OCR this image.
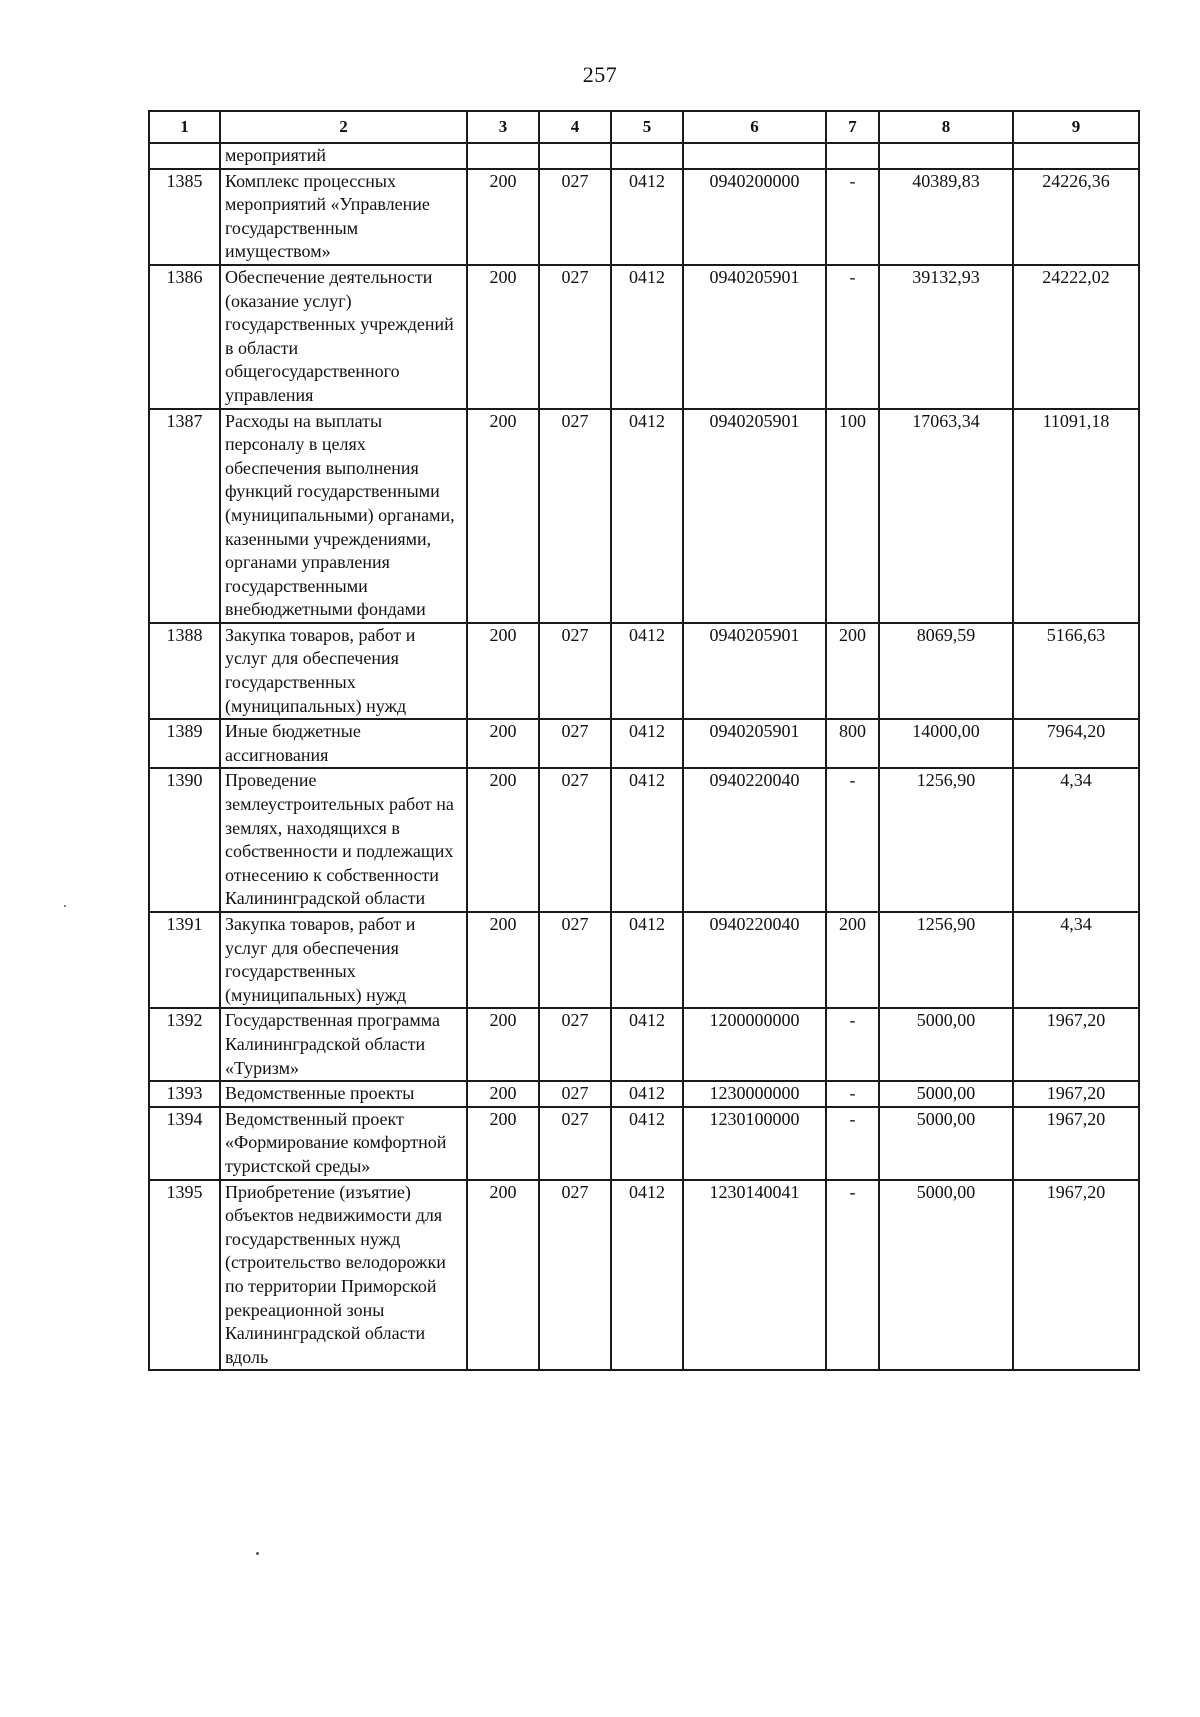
257
1	2	3	4	5	6	7	8	9
	мероприятий							
1385	Комплекс процессных мероприятий «Управление государственным имуществом»	200	027	0412	0940200000	-	40389,83	24226,36
1386	Обеспечение деятельности (оказание услуг) государственных учреждений в области общегосударственного управления	200	027	0412	0940205901	-	39132,93	24222,02
1387	Расходы на выплаты персоналу в целях обеспечения выполнения функций государственными (муниципальными) органами, казенными учреждениями, органами управления государственными внебюджетными фондами	200	027	0412	0940205901	100	17063,34	11091,18
1388	Закупка товаров, работ и услуг для обеспечения государственных (муниципальных) нужд	200	027	0412	0940205901	200	8069,59	5166,63
1389	Иные бюджетные ассигнования	200	027	0412	0940205901	800	14000,00	7964,20
1390	Проведение землеустроительных работ на землях, находящихся в собственности и подлежащих отнесению к собственности Калининградской области	200	027	0412	0940220040	-	1256,90	4,34
1391	Закупка товаров, работ и услуг для обеспечения государственных (муниципальных) нужд	200	027	0412	0940220040	200	1256,90	4,34
1392	Государственная программа Калининградской области «Туризм»	200	027	0412	1200000000	-	5000,00	1967,20
1393	Ведомственные проекты	200	027	0412	1230000000	-	5000,00	1967,20
1394	Ведомственный проект «Формирование комфортной туристской среды»	200	027	0412	1230100000	-	5000,00	1967,20
1395	Приобретение (изъятие) объектов недвижимости для государственных нужд (строительство велодорожки по территории Приморской рекреационной зоны Калининградской области вдоль	200	027	0412	1230140041	-	5000,00	1967,20
